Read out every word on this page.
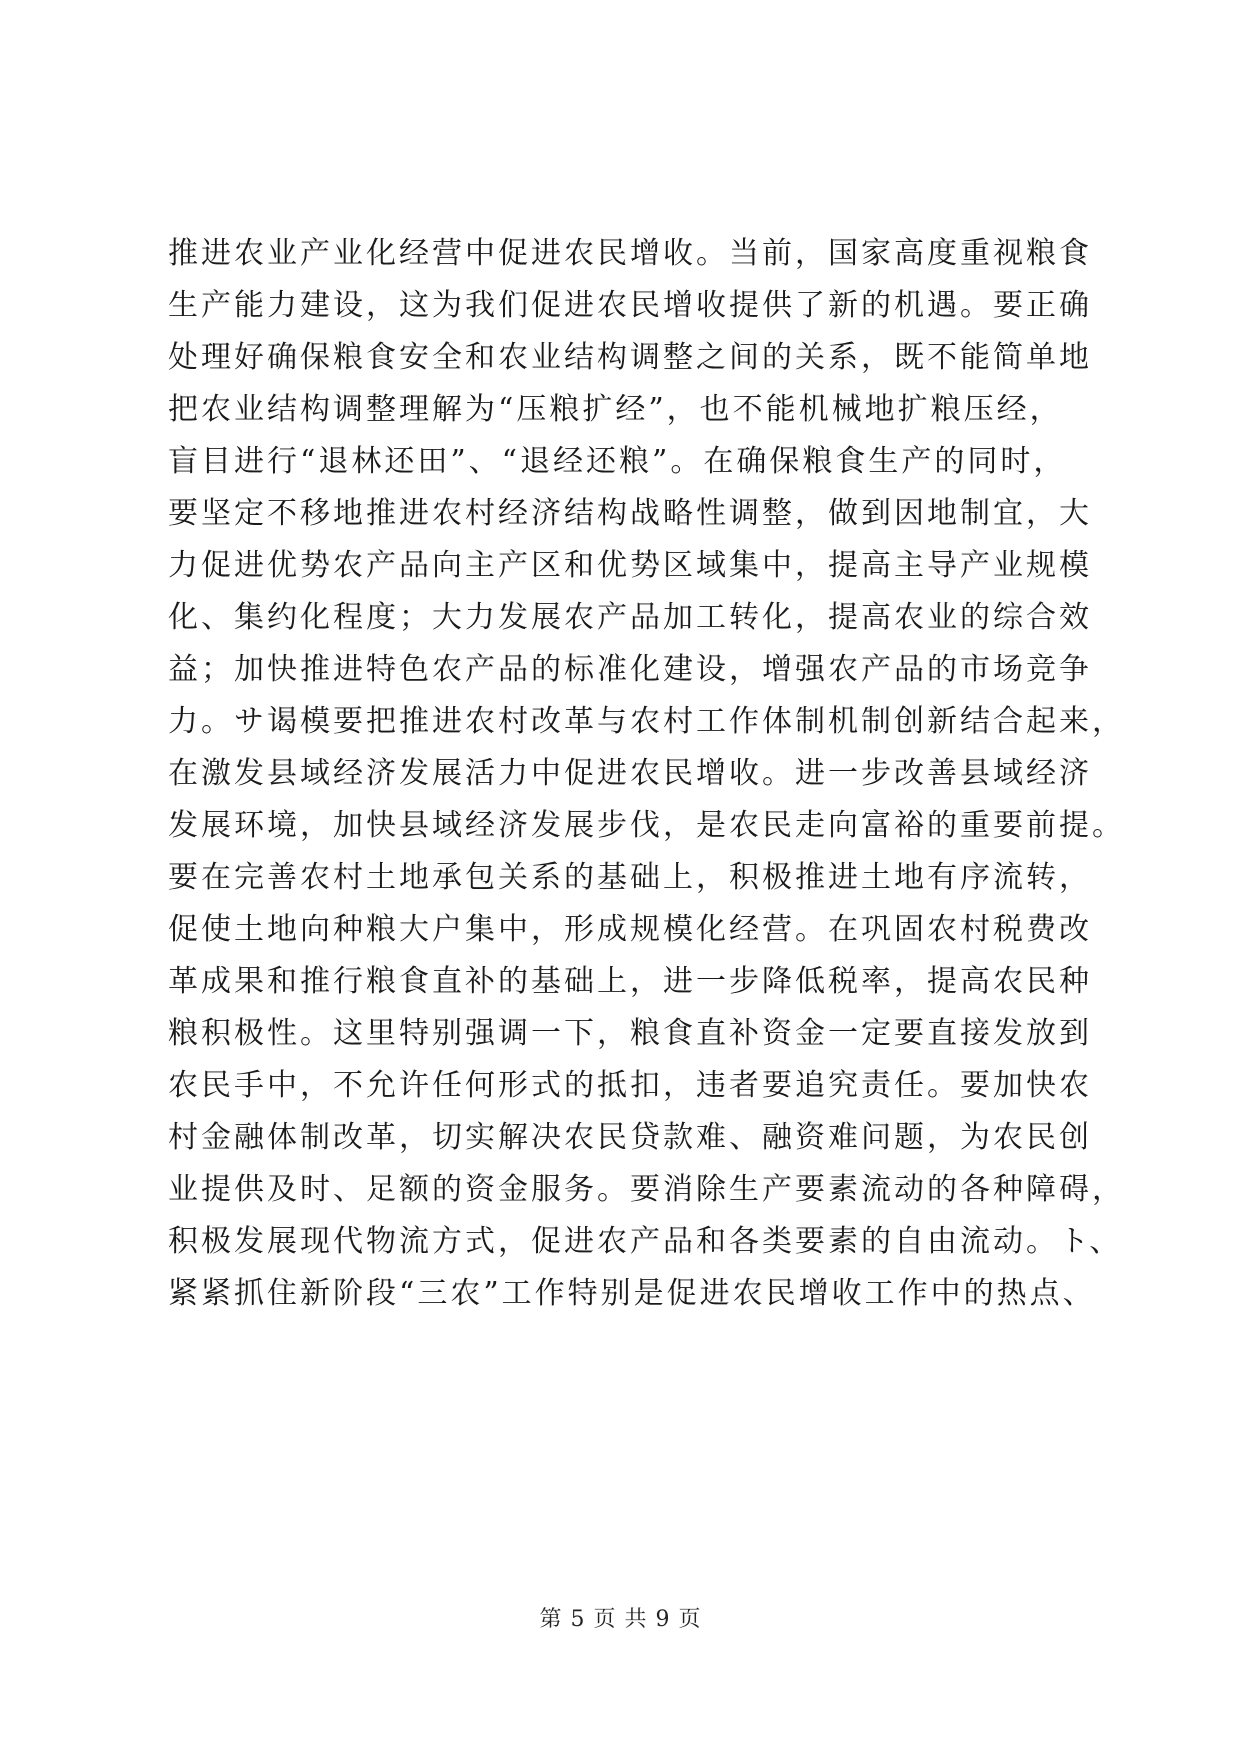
推进农业产业化经营中促进农民增收。当前，国家高度重视粮食
生产能力建设，这为我们促进农民增收提供了新的机遇。要正确
处理好确保粮食安全和农业结构调整之间的关系，既不能简单地
把农业结构调整理解为“压粮扩经”，也不能机械地扩粮压经，
盲目进行“退林还田”、“退经还粮”。在确保粮食生产的同时，
要坚定不移地推进农村经济结构战略性调整，做到因地制宜，大
力促进优势农产品向主产区和优势区域集中，提高主导产业规模
化、集约化程度；大力发展农产品加工转化，提高农业的综合效
益；加快推进特色农产品的标准化建设，增强农产品的市场竞争
力。サ谒模要把推进农村改革与农村工作体制机制创新结合起来，
在激发县域经济发展活力中促进农民增收。进一步改善县域经济
发展环境，加快县域经济发展步伐，是农民走向富裕的重要前提。
要在完善农村土地承包关系的基础上，积极推进土地有序流转，
促使土地向种粮大户集中，形成规模化经营。在巩固农村税费改
革成果和推行粮食直补的基础上，进一步降低税率，提高农民种
粮积极性。这里特别强调一下，粮食直补资金一定要直接发放到
农民手中，不允许任何形式的抵扣，违者要追究责任。要加快农
村金融体制改革，切实解决农民贷款难、融资难问题，为农民创
业提供及时、足额的资金服务。要消除生产要素流动的各种障碍，
积极发展现代物流方式，促进农产品和各类要素的自由流动。ト、
紧紧抓住新阶段“三农”工作特别是促进农民增收工作中的热点、
第 5 页 共 9 页
